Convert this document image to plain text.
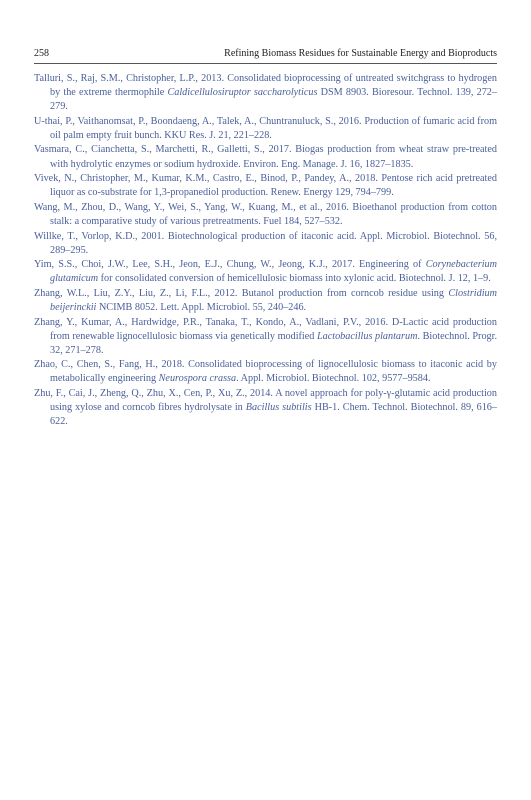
258	Refining Biomass Residues for Sustainable Energy and Bioproducts
Talluri, S., Raj, S.M., Christopher, L.P., 2013. Consolidated bioprocessing of untreated switchgrass to hydrogen by the extreme thermophile Caldicellulosiruptor saccharolyticus DSM 8903. Bioresour. Technol. 139, 272–279.
U-thai, P., Vaithanomsat, P., Boondaeng, A., Talek, A., Chuntranuluck, S., 2016. Production of fumaric acid from oil palm empty fruit bunch. KKU Res. J. 21, 221–228.
Vasmara, C., Cianchetta, S., Marchetti, R., Galletti, S., 2017. Biogas production from wheat straw pre-treated with hydrolytic enzymes or sodium hydroxide. Environ. Eng. Manage. J. 16, 1827–1835.
Vivek, N., Christopher, M., Kumar, K.M., Castro, E., Binod, P., Pandey, A., 2018. Pentose rich acid pretreated liquor as co-substrate for 1,3-propanediol production. Renew. Energy 129, 794–799.
Wang, M., Zhou, D., Wang, Y., Wei, S., Yang, W., Kuang, M., et al., 2016. Bioethanol production from cotton stalk: a comparative study of various pretreatments. Fuel 184, 527–532.
Willke, T., Vorlop, K.D., 2001. Biotechnological production of itaconic acid. Appl. Microbiol. Biotechnol. 56, 289–295.
Yim, S.S., Choi, J.W., Lee, S.H., Jeon, E.J., Chung, W., Jeong, K.J., 2017. Engineering of Corynebacterium glutamicum for consolidated conversion of hemicellulosic biomass into xylonic acid. Biotechnol. J. 12, 1–9.
Zhang, W.L., Liu, Z.Y., Liu, Z., Li, F.L., 2012. Butanol production from corncob residue using Clostridium beijerinckii NCIMB 8052. Lett. Appl. Microbiol. 55, 240–246.
Zhang, Y., Kumar, A., Hardwidge, P.R., Tanaka, T., Kondo, A., Vadlani, P.V., 2016. D-Lactic acid production from renewable lignocellulosic biomass via genetically modified Lactobacillus plantarum. Biotechnol. Progr. 32, 271–278.
Zhao, C., Chen, S., Fang, H., 2018. Consolidated bioprocessing of lignocellulosic biomass to itaconic acid by metabolically engineering Neurospora crassa. Appl. Microbiol. Biotechnol. 102, 9577–9584.
Zhu, F., Cai, J., Zheng, Q., Zhu, X., Cen, P., Xu, Z., 2014. A novel approach for poly-γ-glutamic acid production using xylose and corncob fibres hydrolysate in Bacillus subtilis HB-1. Chem. Technol. Biotechnol. 89, 616–622.
